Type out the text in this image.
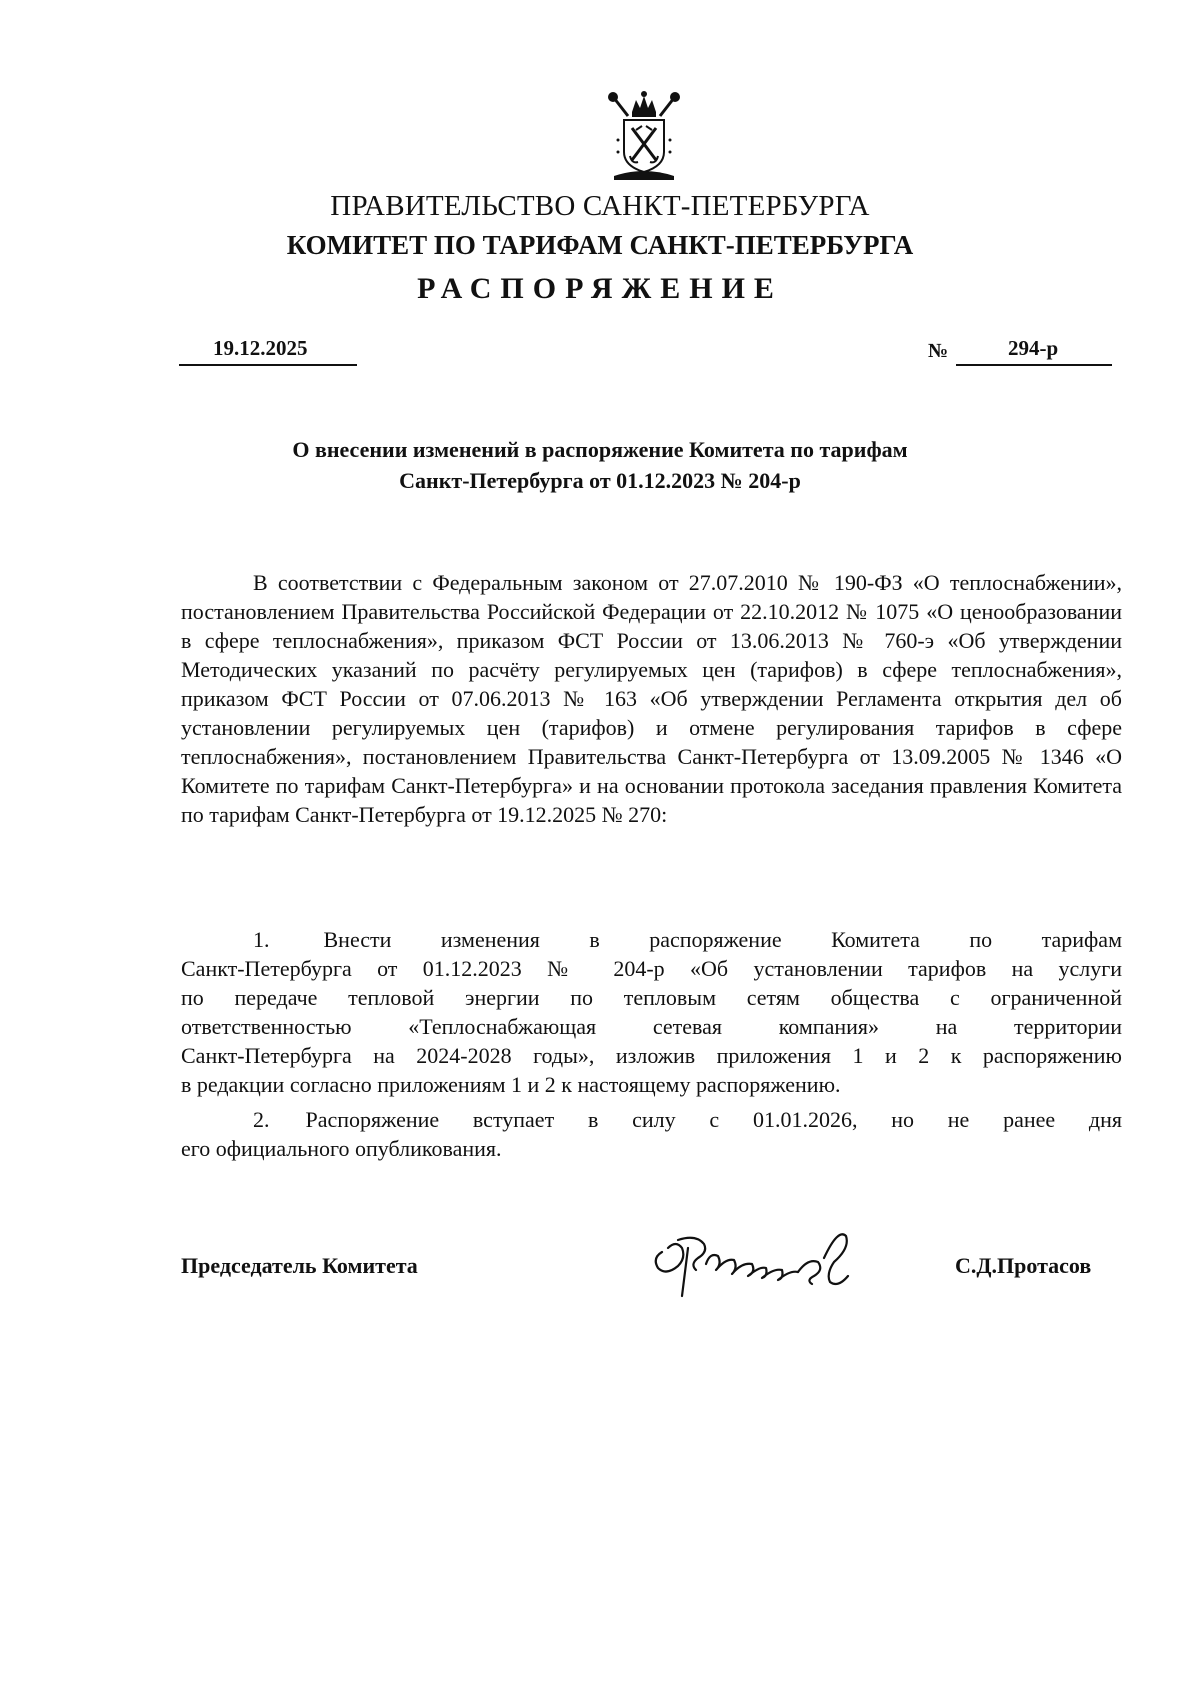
ПРАВИТЕЛЬСТВО САНКТ-ПЕТЕРБУРГА
КОМИТЕТ ПО ТАРИФАМ САНКТ-ПЕТЕРБУРГА
РАСПОРЯЖЕНИЕ
19.12.2025	№	294-р
О внесении изменений в распоряжение Комитета по тарифам
Санкт-Петербурга от 01.12.2023 № 204-р
В соответствии с Федеральным законом от 27.07.2010 № 190-ФЗ «О теплоснабжении», постановлением Правительства Российской Федерации от 22.10.2012 № 1075 «О ценообразовании в сфере теплоснабжения», приказом ФСТ России от 13.06.2013 № 760-э «Об утверждении Методических указаний по расчёту регулируемых цен (тарифов) в сфере теплоснабжения», приказом ФСТ России от 07.06.2013 № 163 «Об утверждении Регламента открытия дел об установлении регулируемых цен (тарифов) и отмене регулирования тарифов в сфере теплоснабжения», постановлением Правительства Санкт-Петербурга от 13.09.2005 № 1346 «О Комитете по тарифам Санкт-Петербурга» и на основании протокола заседания правления Комитета по тарифам Санкт-Петербурга от 19.12.2025 № 270:
1. Внести изменения в распоряжение Комитета по тарифам
Санкт-Петербурга от 01.12.2023 № 204-р «Об установлении тарифов на услуги
по передаче тепловой энергии по тепловым сетям общества с ограниченной
ответственностью «Теплоснабжающая сетевая компания» на территории
Санкт-Петербурга на 2024-2028 годы», изложив приложения 1 и 2 к распоряжению
в редакции согласно приложениям 1 и 2 к настоящему распоряжению.
2. Распоряжение вступает в силу с 01.01.2026, но не ранее дня
его официального опубликования.
Председатель Комитета	С.Д.Протасов
